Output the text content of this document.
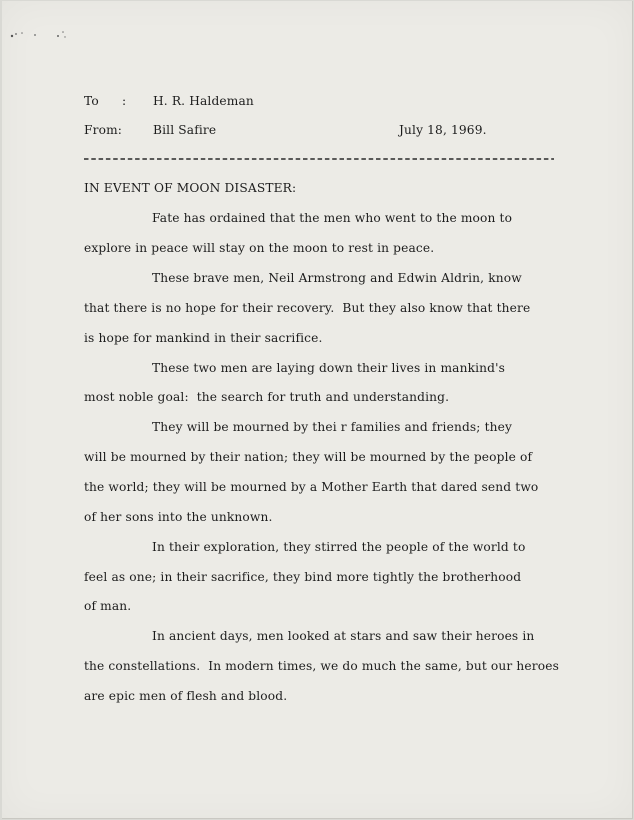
To : H. R. Haldeman
From:	Bill Safire	July 18, 1969.
IN EVENT OF MOON DISASTER:
Fate has ordained that the men who went to the moon to
explore in peace will stay on the moon to rest in peace.
These brave men, Neil Armstrong and Edwin Aldrin, know
that there is no hope for their recovery.  But they also know that there
is hope for mankind in their sacrifice.
These two men are laying down their lives in mankind's
most noble goal:  the search for truth and understanding.
They will be mourned by thei r families and friends; they
will be mourned by their nation; they will be mourned by the people of
the world; they will be mourned by a Mother Earth that dared send two
of her sons into the unknown.
In their exploration, they stirred the people of the world to
feel as one; in their sacrifice, they bind more tightly the brotherhood
of man.
In ancient days, men looked at stars and saw their heroes in
the constellations.  In modern times, we do much the same, but our heroes
are epic men of flesh and blood.
